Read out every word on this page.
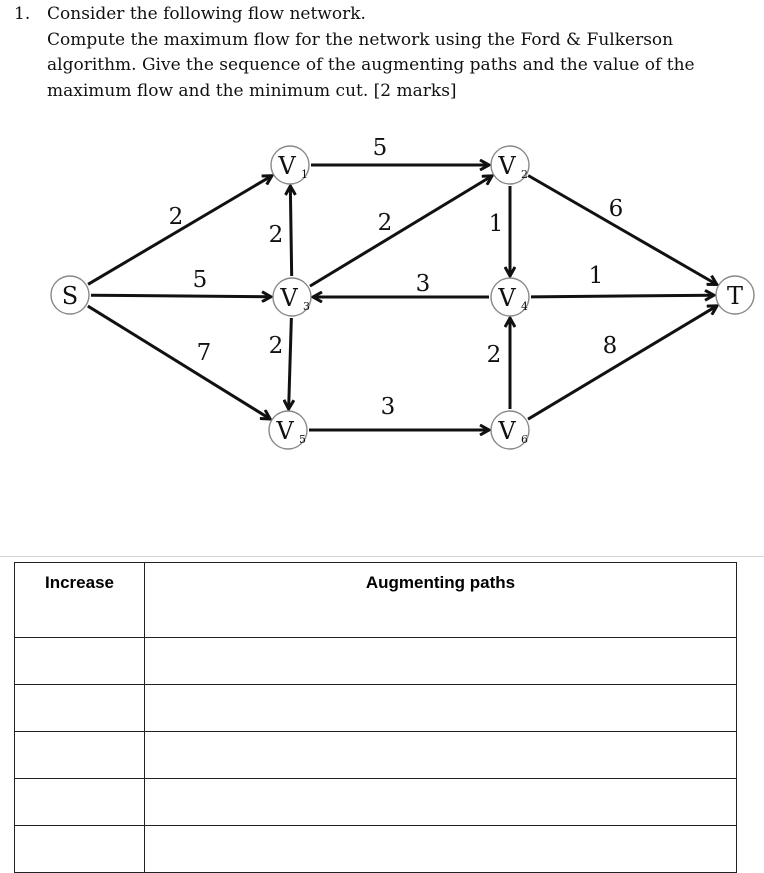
1. Consider the following flow network.
Compute the maximum flow for the network using the Ford & Fulkerson
algorithm. Give the sequence of the augmenting paths and the value of the
maximum flow and the minimum cut. [2 marks]
2
5
7
5
2	2
3
2
1
6
1
2
3
8
S
V 1	V 2
V 3	V 4
V 5	V 6
T
Increase	Augmenting paths
